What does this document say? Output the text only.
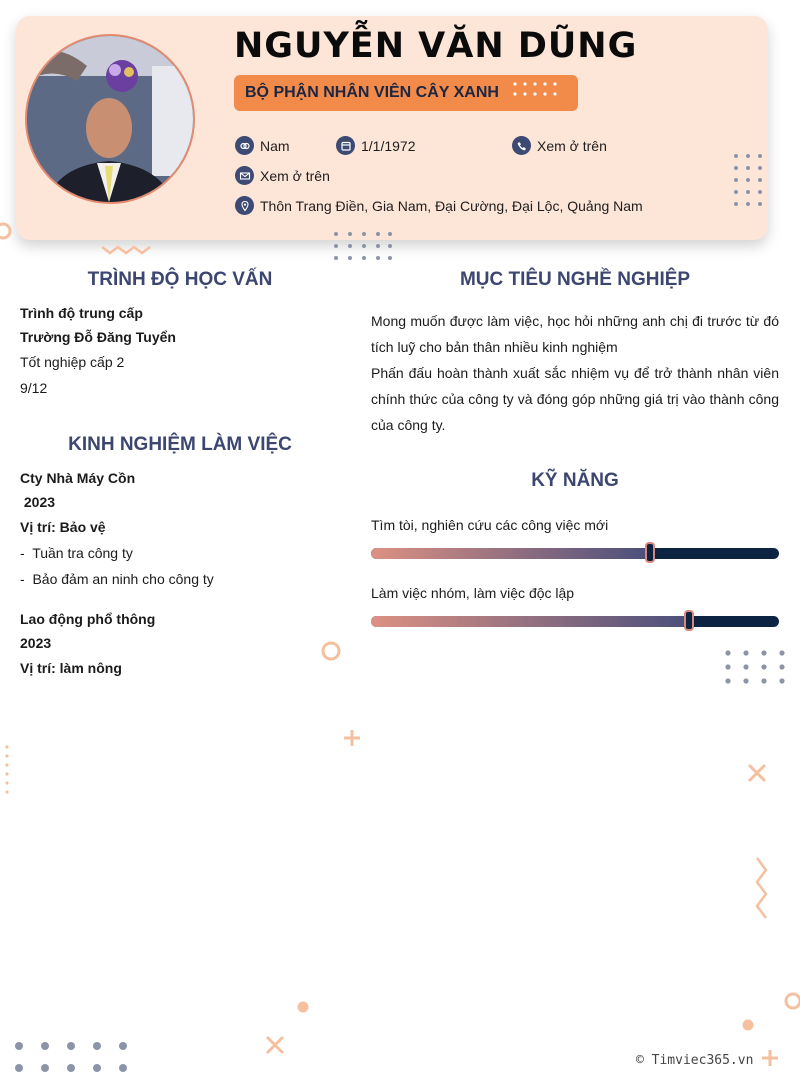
NGUYỄN VĂN DŨNG
BỘ PHẬN NHÂN VIÊN CÂY XANH
Nam	1/1/1972	Xem ở trên
Xem ở trên
Thôn Trang Điền, Gia Nam, Đại Cường, Đại Lộc, Quảng Nam
TRÌNH ĐỘ HỌC VẤN
Trình độ trung cấp
Trường Đỗ Đăng Tuyển
Tốt nghiệp cấp 2
9/12
KINH NGHIỆM LÀM VIỆC
Cty Nhà Máy Cồn
2023
Vị trí: Bảo vệ
-  Tuần tra công ty
-  Bảo đảm an ninh cho công ty
Lao động phổ thông
2023
Vị trí: làm nông
MỤC TIÊU NGHỀ NGHIỆP

Mong muốn được làm việc, học hỏi những anh chị đi trước từ đó tích luỹ cho bản thân nhiều kinh nghiệm

Phấn đấu hoàn thành xuất sắc nhiệm vụ để trở thành nhân viên chính thức của công ty và đóng góp những giá trị vào thành công của công ty.

KỸ NĂNG
Tìm tòi, nghiên cứu các công việc mới
Làm việc nhóm, làm việc độc lập
© Timviec365.vn
